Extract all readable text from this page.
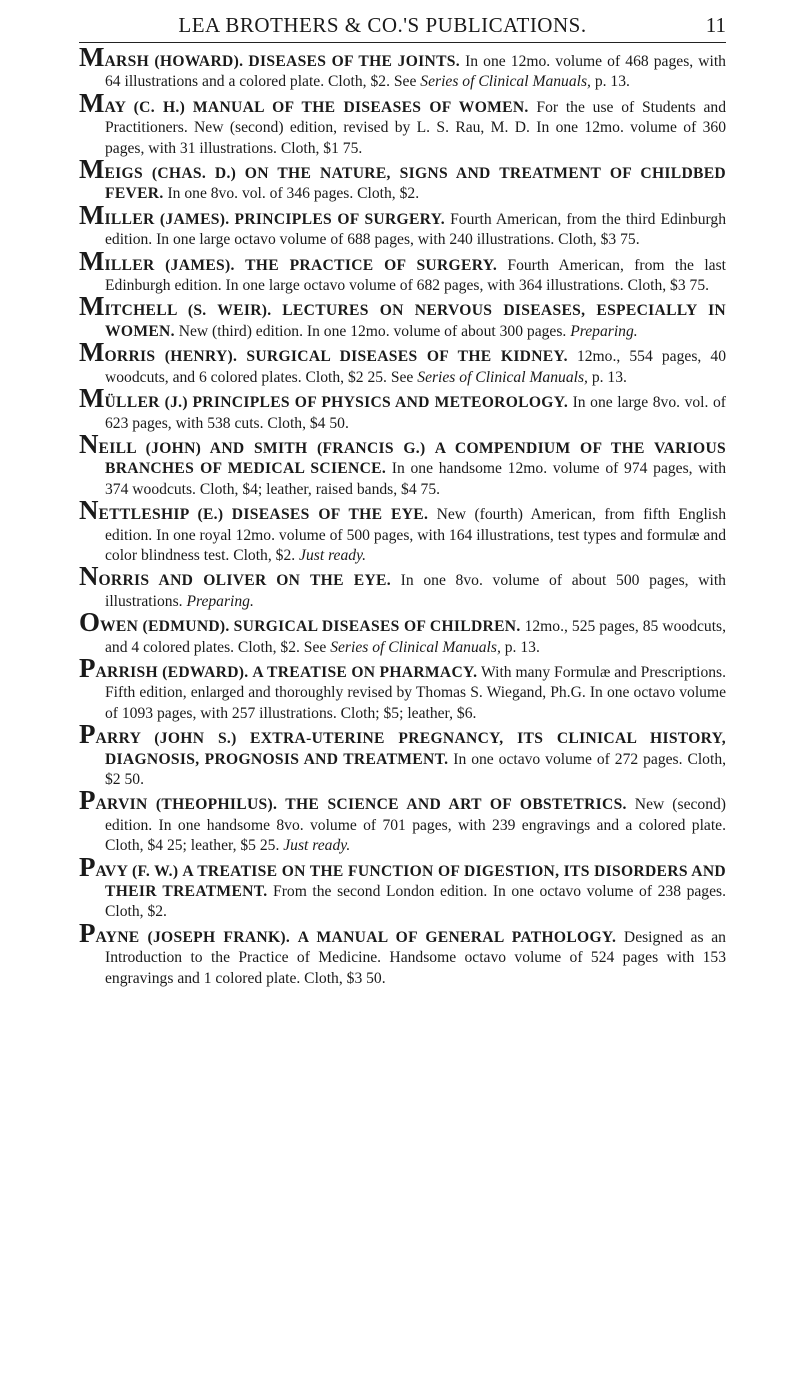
LEA BROTHERS & CO.'S PUBLICATIONS.	11

MARSH (HOWARD). DISEASES OF THE JOINTS. In one 12mo. volume of 468 pages, with 64 illustrations and a colored plate. Cloth, $2. See Series of Clinical Manuals, p. 13.

MAY (C. H.) MANUAL OF THE DISEASES OF WOMEN. For the use of Students and Practitioners. New (second) edition, revised by L. S. Rau, M. D. In one 12mo. volume of 360 pages, with 31 illustrations. Cloth, $1 75.

MEIGS (CHAS. D.) ON THE NATURE, SIGNS AND TREATMENT OF CHILDBED FEVER. In one 8vo. vol. of 346 pages. Cloth, $2.

MILLER (JAMES). PRINCIPLES OF SURGERY. Fourth American, from the third Edinburgh edition. In one large octavo volume of 688 pages, with 240 illustrations. Cloth, $3 75.

MILLER (JAMES). THE PRACTICE OF SURGERY. Fourth American, from the last Edinburgh edition. In one large octavo volume of 682 pages, with 364 illustrations. Cloth, $3 75.

MITCHELL (S. WEIR). LECTURES ON NERVOUS DISEASES, ESPECIALLY IN WOMEN. New (third) edition. In one 12mo. volume of about 300 pages. Preparing.

MORRIS (HENRY). SURGICAL DISEASES OF THE KIDNEY. 12mo., 554 pages, 40 woodcuts, and 6 colored plates. Cloth, $2 25. See Series of Clinical Manuals, p. 13.

MÜLLER (J.) PRINCIPLES OF PHYSICS AND METEOROLOGY. In one large 8vo. vol. of 623 pages, with 538 cuts. Cloth, $4 50.

NEILL (JOHN) AND SMITH (FRANCIS G.) A COMPENDIUM OF THE VARIOUS BRANCHES OF MEDICAL SCIENCE. In one handsome 12mo. volume of 974 pages, with 374 woodcuts. Cloth, $4; leather, raised bands, $4 75.

NETTLESHIP (E.) DISEASES OF THE EYE. New (fourth) American, from fifth English edition. In one royal 12mo. volume of 500 pages, with 164 illustrations, test types and formulæ and color blindness test. Cloth, $2. Just ready.

NORRIS AND OLIVER ON THE EYE. In one 8vo. volume of about 500 pages, with illustrations. Preparing.

OWEN (EDMUND). SURGICAL DISEASES OF CHILDREN. 12mo., 525 pages, 85 woodcuts, and 4 colored plates. Cloth, $2. See Series of Clinical Manuals, p. 13.

PARRISH (EDWARD). A TREATISE ON PHARMACY. With many Formulæ and Prescriptions. Fifth edition, enlarged and thoroughly revised by Thomas S. Wiegand, Ph.G. In one octavo volume of 1093 pages, with 257 illustrations. Cloth; $5; leather, $6.

PARRY (JOHN S.) EXTRA-UTERINE PREGNANCY, ITS CLINICAL HISTORY, DIAGNOSIS, PROGNOSIS AND TREATMENT. In one octavo volume of 272 pages. Cloth, $2 50.

PARVIN (THEOPHILUS). THE SCIENCE AND ART OF OBSTETRICS. New (second) edition. In one handsome 8vo. volume of 701 pages, with 239 engravings and a colored plate. Cloth, $4 25; leather, $5 25. Just ready.

PAVY (F. W.) A TREATISE ON THE FUNCTION OF DIGESTION, ITS DISORDERS AND THEIR TREATMENT. From the second London edition. In one octavo volume of 238 pages. Cloth, $2.

PAYNE (JOSEPH FRANK). A MANUAL OF GENERAL PATHOLOGY. Designed as an Introduction to the Practice of Medicine. Handsome octavo volume of 524 pages with 153 engravings and 1 colored plate. Cloth, $3 50.
